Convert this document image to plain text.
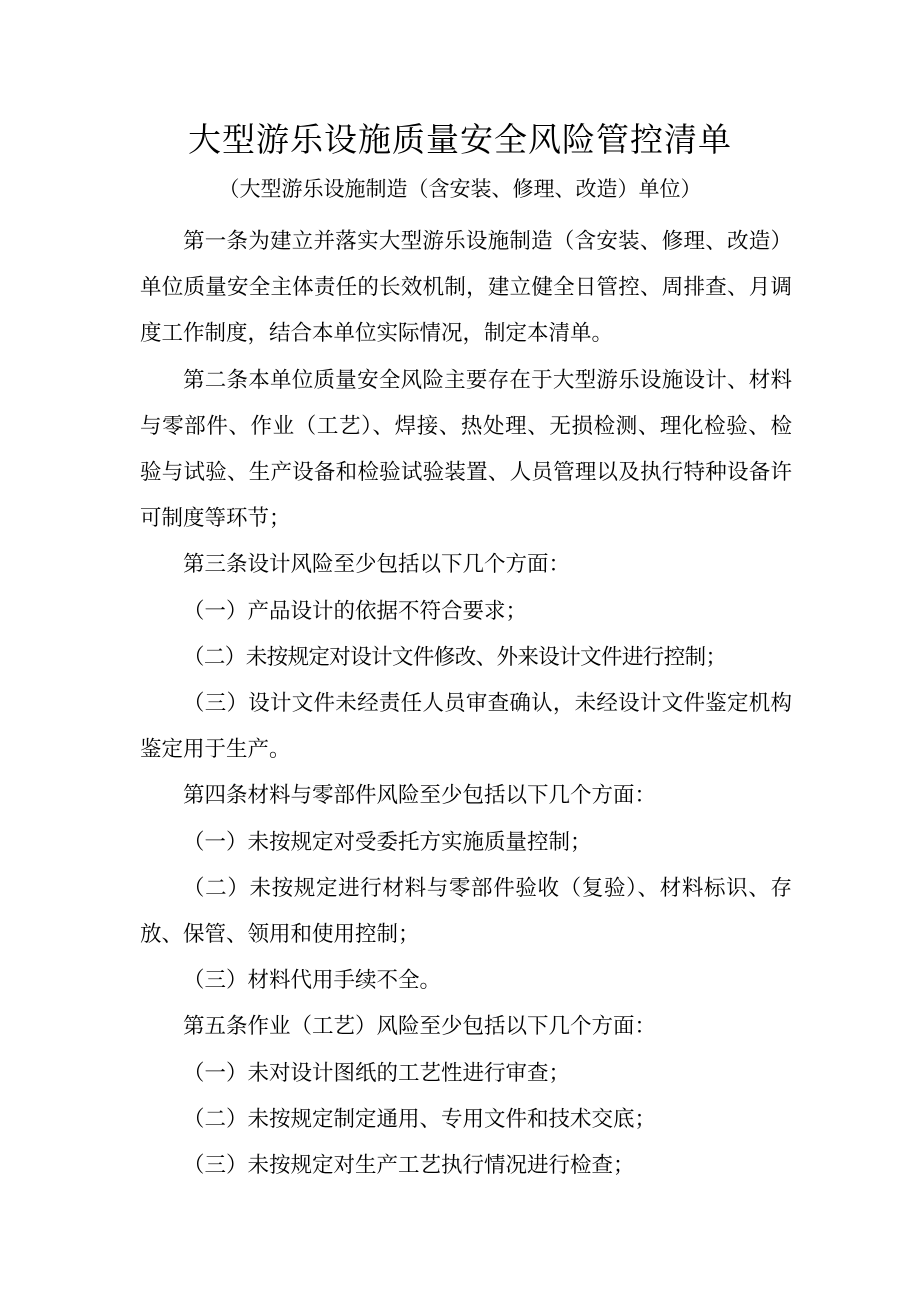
大型游乐设施质量安全风险管控清单
（大型游乐设施制造（含安装、修理、改造）单位）

第一条为建立并落实大型游乐设施制造（含安装、修理、改造）单位质量安全主体责任的长效机制，建立健全日管控、周排查、月调度工作制度，结合本单位实际情况，制定本清单。

第二条本单位质量安全风险主要存在于大型游乐设施设计、材料与零部件、作业（工艺）、焊接、热处理、无损检测、理化检验、检验与试验、生产设备和检验试验装置、人员管理以及执行特种设备许可制度等环节；

第三条设计风险至少包括以下几个方面：

（一）产品设计的依据不符合要求；

（二）未按规定对设计文件修改、外来设计文件进行控制；

（三）设计文件未经责任人员审查确认，未经设计文件鉴定机构鉴定用于生产。

第四条材料与零部件风险至少包括以下几个方面：

（一）未按规定对受委托方实施质量控制；

（二）未按规定进行材料与零部件验收（复验）、材料标识、存放、保管、领用和使用控制；

（三）材料代用手续不全。

第五条作业（工艺）风险至少包括以下几个方面：

（一）未对设计图纸的工艺性进行审查；

（二）未按规定制定通用、专用文件和技术交底；

（三）未按规定对生产工艺执行情况进行检查；
